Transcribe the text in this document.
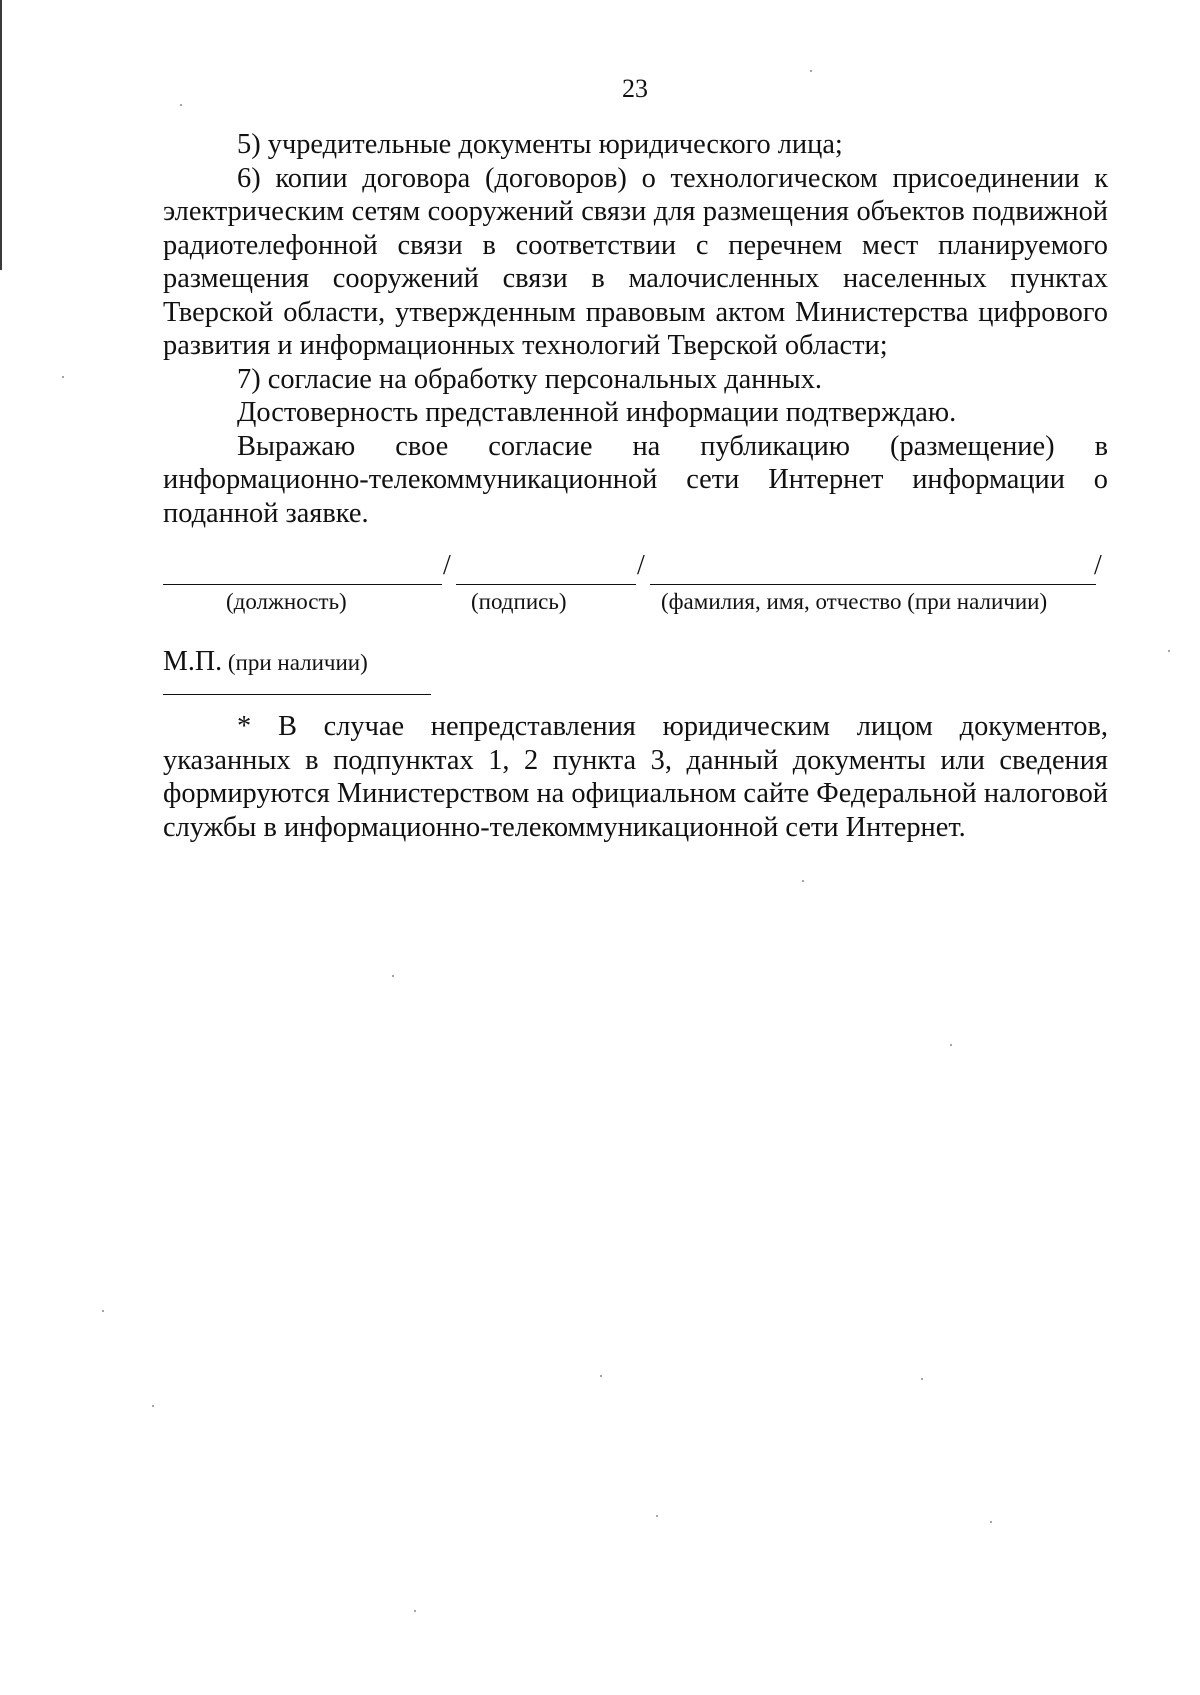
23

5) учредительные документы юридического лица;

6) копии договора (договоров) о технологическом присоединении к электрическим сетям сооружений связи для размещения объектов подвижной радиотелефонной связи в соответствии с перечнем мест планируемого размещения сооружений связи в малочисленных населенных пунктах Тверской области, утвержденным правовым актом Министерства цифрового развития и информационных технологий Тверской области;

7) согласие на обработку персональных данных.

Достоверность представленной информации подтверждаю.

Выражаю свое согласие на публикацию (размещение) в информационно-телекоммуникационной сети Интернет информации о поданной заявке.

/	/	/
(должность)	(подпись)	(фамилия, имя, отчество (при наличии)
М.П. (при наличии)

* В случае непредставления юридическим лицом документов, указанных в подпунктах 1, 2 пункта 3, данный документы или сведения формируются Министерством на официальном сайте Федеральной налоговой службы в информационно-телекоммуникационной сети Интернет.
